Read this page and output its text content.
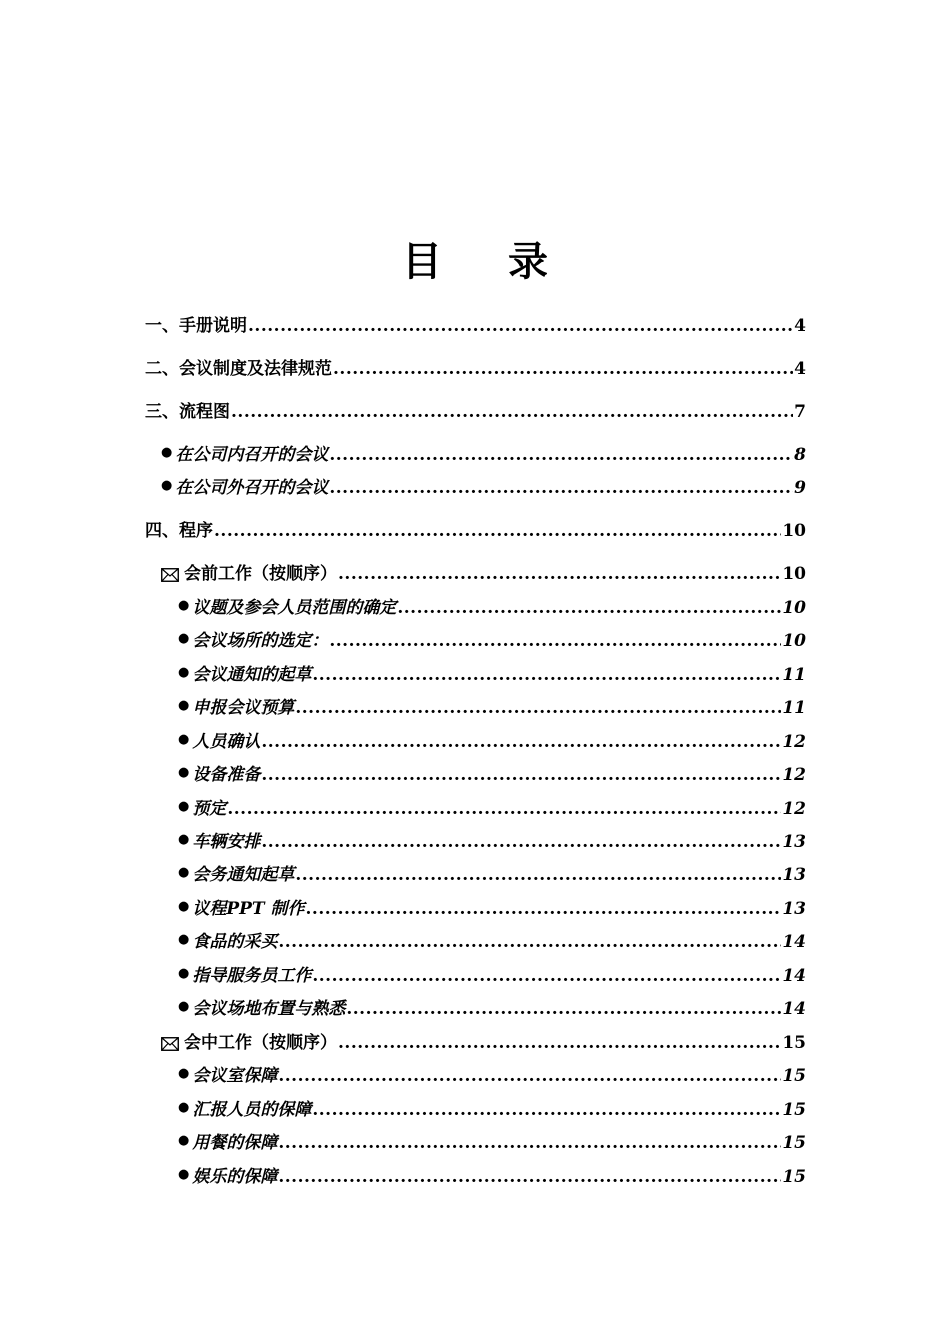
目 录
一、手册说明 .....	4
二、会议制度及法律规范 .....	4
三、流程图 .....	7
● 在公司内召开的会议 .....	8
● 在公司外召开的会议 .....	9
四、程序 .....	10
会前工作（按顺序） .....	10
● 议题及参会人员范围的确定 .....	10
● 会议场所的选定： .....	10
● 会议通知的起草 .....	11
● 申报会议预算 .....	11
● 人员确认 .....	12
● 设备准备 .....	12
● 预定 .....	12
● 车辆安排 .....	13
● 会务通知起草 .....	13
● 议程PPT 制作 .....	13
● 食品的采买 .....	14
● 指导服务员工作 .....	14
● 会议场地布置与熟悉 .....	14
会中工作（按顺序） .....	15
● 会议室保障 .....	15
● 汇报人员的保障 .....	15
● 用餐的保障 .....	15
● 娱乐的保障 .....	15
